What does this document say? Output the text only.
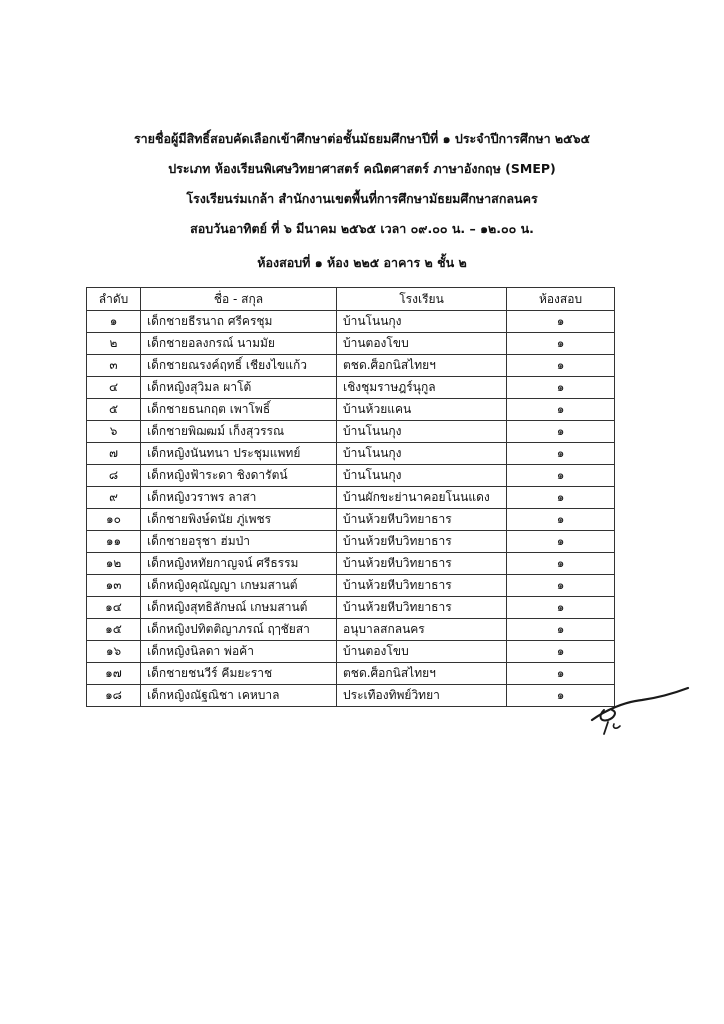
รายชื่อผู้มีสิทธิ์สอบคัดเลือกเข้าศึกษาต่อชั้นมัธยมศึกษาปีที่ ๑ ประจำปีการศึกษา ๒๕๖๕
ประเภท ห้องเรียนพิเศษวิทยาศาสตร์ คณิตศาสตร์ ภาษาอังกฤษ (SMEP)
โรงเรียนร่มเกล้า สำนักงานเขตพื้นที่การศึกษามัธยมศึกษาสกลนคร
สอบวันอาทิตย์ ที่ ๖ มีนาคม ๒๕๖๕ เวลา ๐๙.๐๐ น. – ๑๒.๐๐ น.
ห้องสอบที่ ๑ ห้อง ๒๒๕ อาคาร ๒ ชั้น ๒
ลำดับ	ชื่อ - สกุล	โรงเรียน	ห้องสอบ
๑	เด็กชายธีรนาถ ศรีครชุม	บ้านโนนกุง	๑
๒	เด็กชายอลงกรณ์ นามมัย	บ้านตองโขบ	๑
๓	เด็กชายณรงค์ฤทธิ์ เชียงไขแก้ว	ตชด.ศ็อกนิสไทยฯ	๑
๔	เด็กหญิงสุวิมล ผาโต้	เชิงชุมราษฎร์นุกูล	๑
๕	เด็กชายธนกฤต เพาโพธิ์	บ้านห้วยแคน	๑
๖	เด็กชายพิฌฒม์ เก็งสุวรรณ	บ้านโนนกุง	๑
๗	เด็กหญิงนันทนา ประชุมแพทย์	บ้านโนนกุง	๑
๘	เด็กหญิงฟ้าระดา ชิงดารัตน์	บ้านโนนกุง	๑
๙	เด็กหญิงวราพร ลาสา	บ้านผักขะย่านาคอยโนนแดง	๑
๑๐	เด็กชายพิงษ์ดนัย ภู่เพชร	บ้านห้วยหีบวิทยาธาร	๑
๑๑	เด็กชายอรุชา ฮ่มป่า	บ้านห้วยหีบวิทยาธาร	๑
๑๒	เด็กหญิงหทัยกาญจน์ ศรีธรรม	บ้านห้วยหีบวิทยาธาร	๑
๑๓	เด็กหญิงคุณัญญา เกษมสานต์	บ้านห้วยหีบวิทยาธาร	๑
๑๔	เด็กหญิงสุทธิลักษณ์ เกษมสานต์	บ้านห้วยหีบวิทยาธาร	๑
๑๕	เด็กหญิงปทิตติญาภรณ์ ฤๅชัยสา	อนุบาลสกลนคร	๑
๑๖	เด็กหญิงนิลดา พ่อค้า	บ้านตองโขบ	๑
๑๗	เด็กชายชนวีร์ คีมยะราช	ตชด.ศ็อกนิสไทยฯ	๑
๑๘	เด็กหญิงณัฐณิชา เคหบาล	ประเทืองทิพย์วิทยา	๑
